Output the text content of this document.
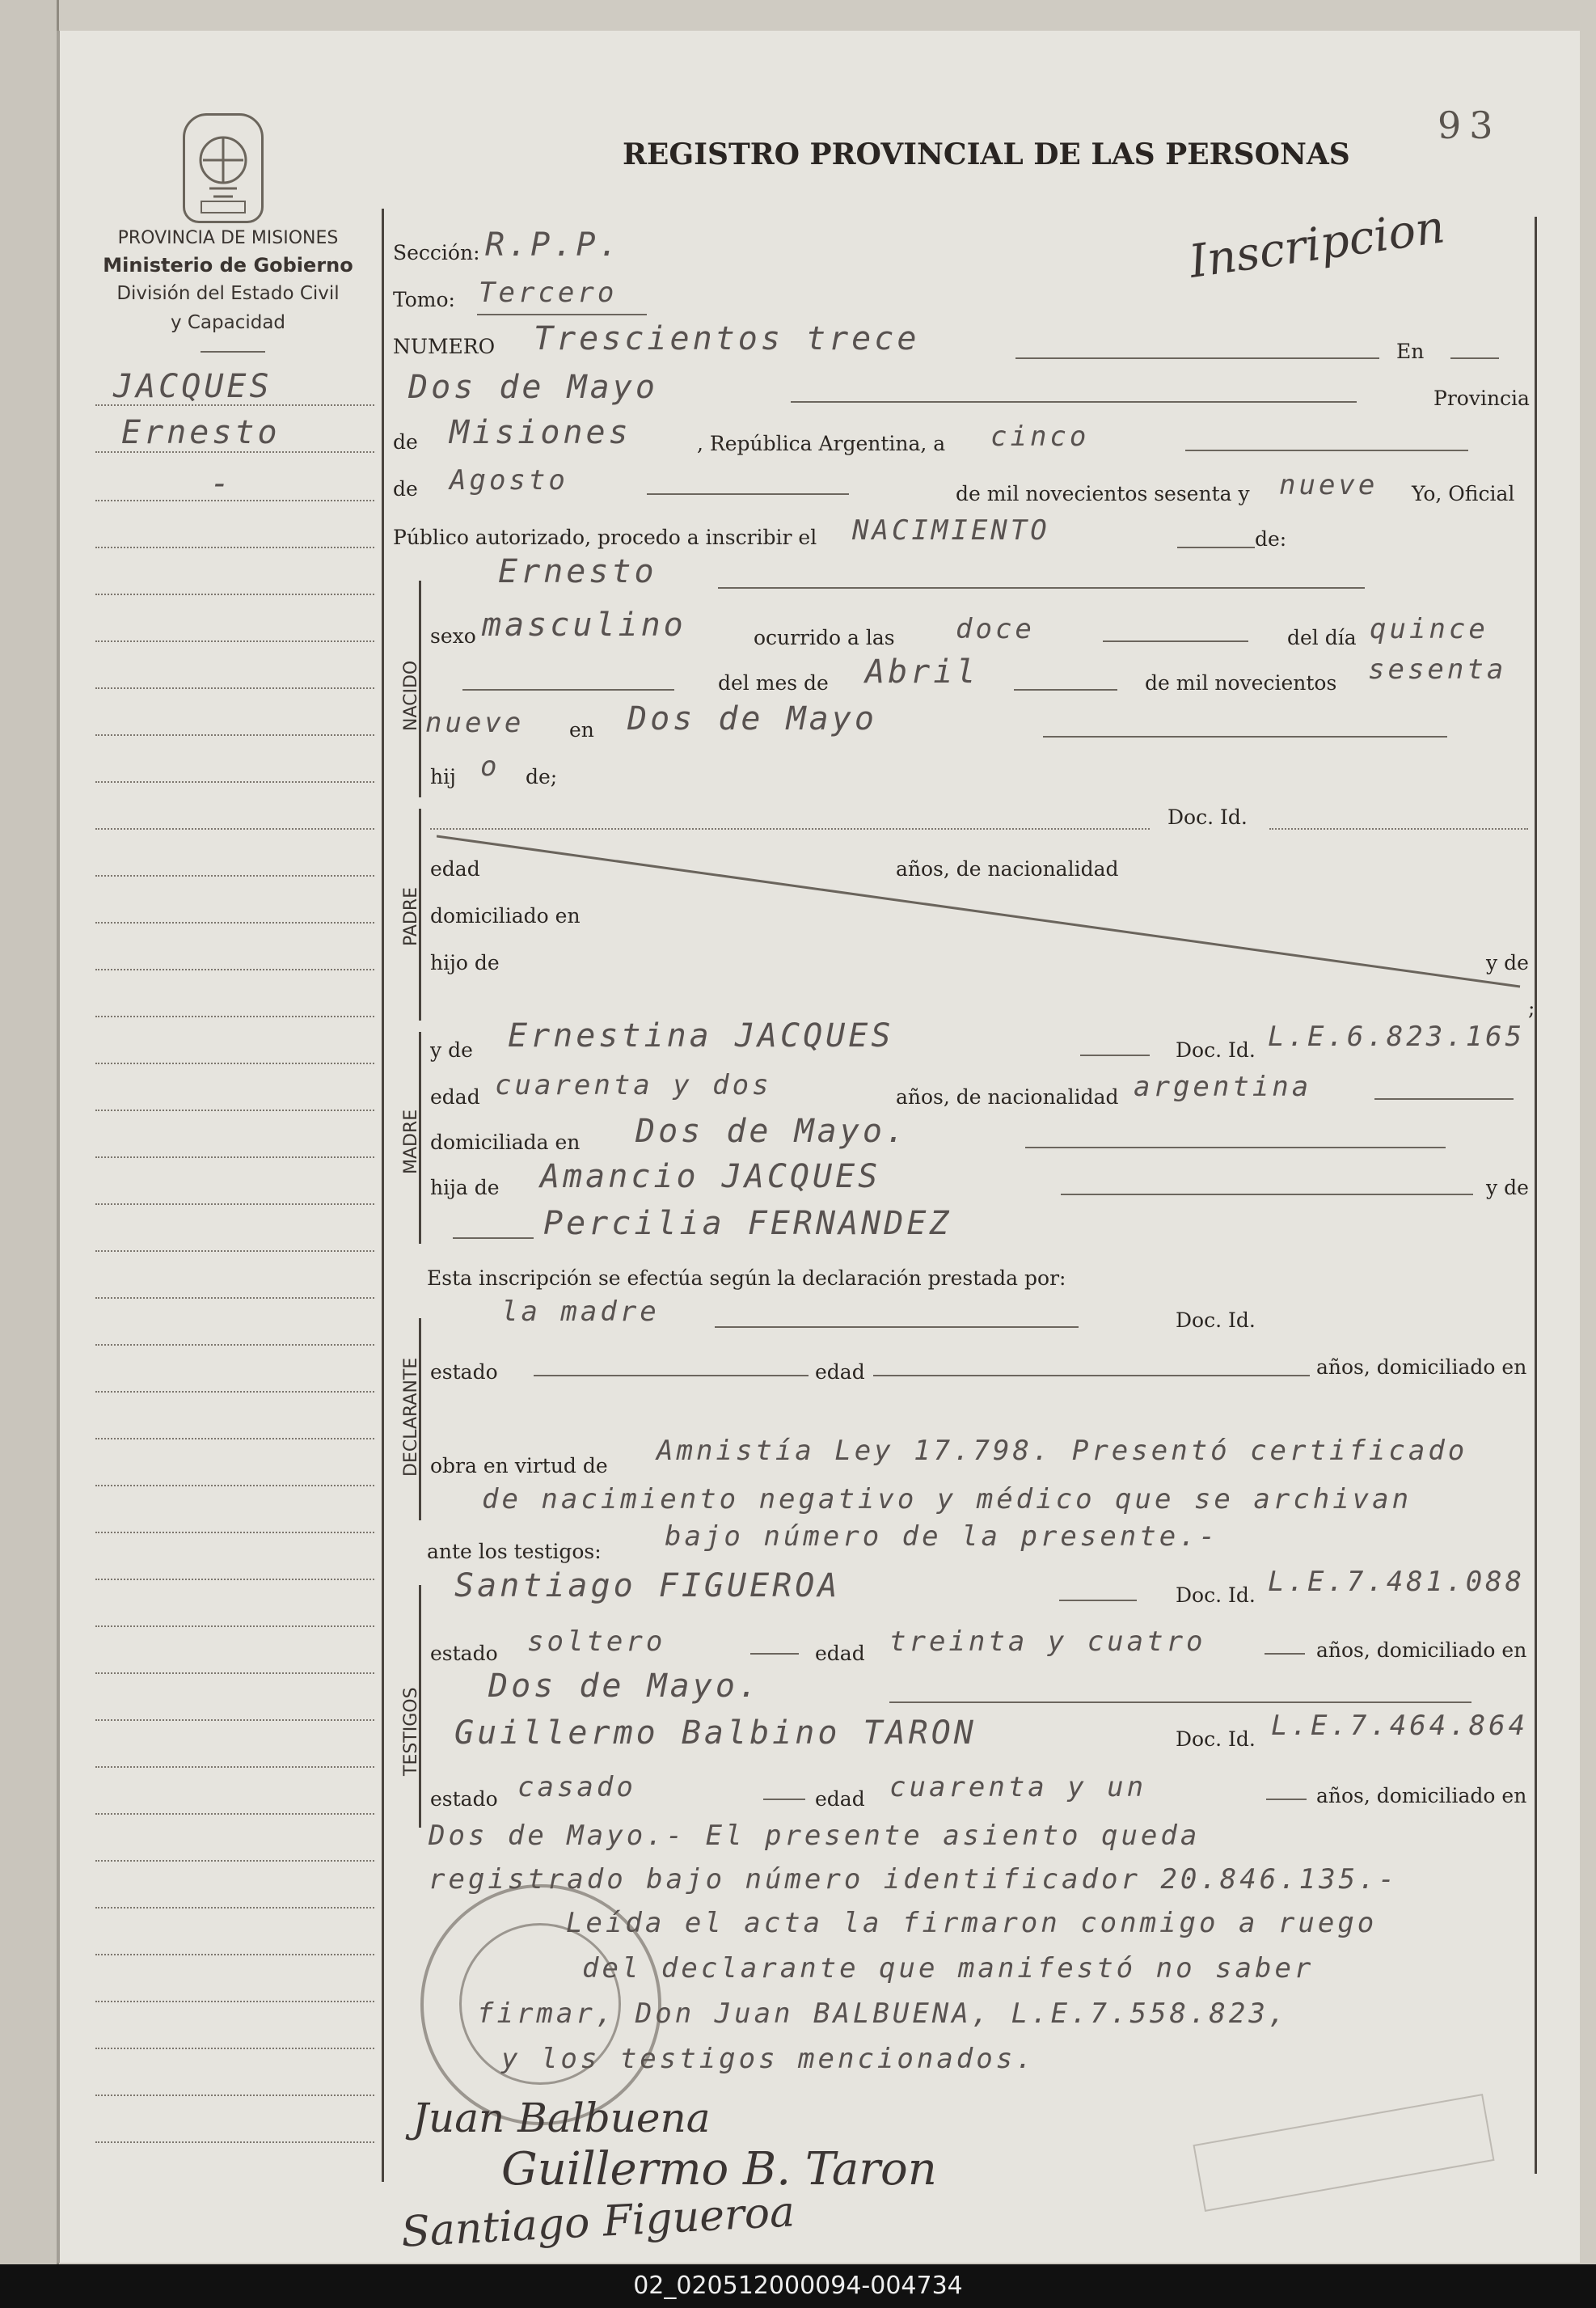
PROVINCIA DE MISIONES
Ministerio de Gobierno
División del Estado Civil
y Capacidad
93
REGISTRO PROVINCIAL DE LAS PERSONAS
Inscripcion
JACQUES
Ernesto
-
Sección: R.P.P.
Tomo: Tercero
NUMERO Trescientos trece	En
Dos de Mayo	Provincia
de Misiones	, República Argentina, a cinco
de Agosto	de mil novecientos sesenta y nueve Yo, Oficial
Público autorizado, procedo a inscribir el NACIMIENTO	de:
Ernesto
NACIDO
sexo masculino	ocurrido a las doce	del día quince
del mes de Abril	de mil novecientos sesenta
nueve en Dos de Mayo
hij o de;
PADRE
Doc. Id.
edad	años, de nacionalidad
domiciliado en
hijo de	y de
;
MADRE
y de Ernestina JACQUES	Doc. Id. L.E.6.823.165
edad cuarenta y dos	años, de nacionalidad argentina
domiciliada en Dos de Mayo.
hija de Amancio JACQUES	y de
Percilia FERNANDEZ
Esta inscripción se efectúa según la declaración prestada por:
la madre	Doc. Id.
DECLARANTE estado	edad	años, domiciliado en
obra en virtud de Amnistía Ley 17.798. Presentó certificado
de nacimiento negativo y médico que se archivan
ante los testigos: bajo número de la presente.-
TESTIGOS
Santiago FIGUEROA	Doc. Id. L.E.7.481.088
estado soltero	edad treinta y cuatro	años, domiciliado en
Dos de Mayo.
Guillermo Balbino TARON	Doc. Id. L.E.7.464.864
estado casado	edad cuarenta y un	años, domiciliado en
Dos de Mayo.- El presente asiento queda
registrado bajo número identificador 20.846.135.-
Leída el acta la firmaron conmigo a ruego
del declarante que manifestó no saber
firmar, Don Juan BALBUENA, L.E.7.558.823,
y los testigos mencionados.
Juan Balbuena
Guillermo B. Taron
Santiago Figueroa
02_020512000094-004734
